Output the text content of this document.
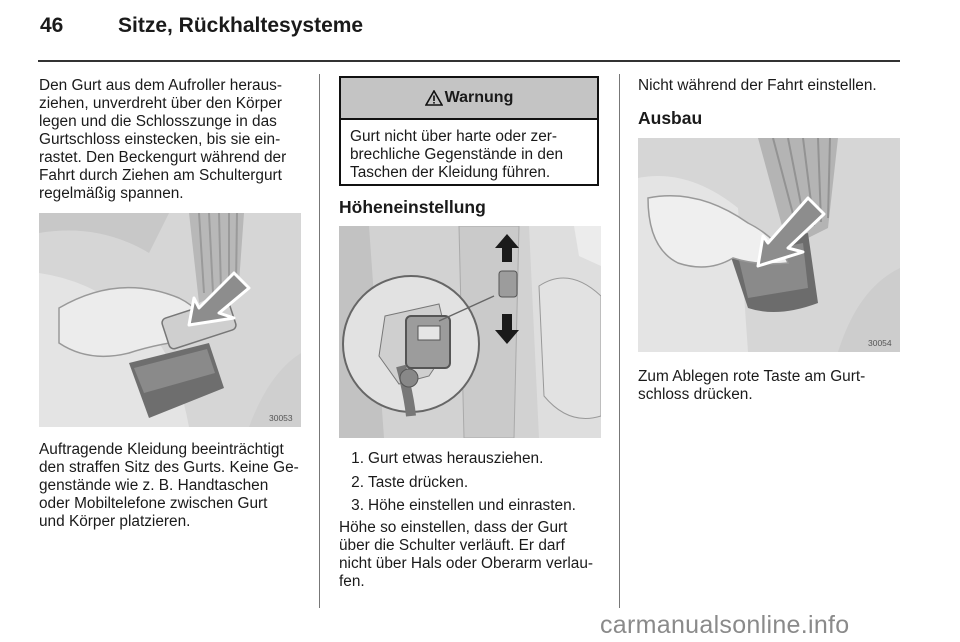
46	Sitze, Rückhaltesysteme

Den Gurt aus dem Aufroller heraus-
ziehen, unverdreht über den Körper
legen und die Schlosszunge in das
Gurtschloss einstecken, bis sie ein-
rastet. Den Beckengurt während der
Fahrt durch Ziehen am Schultergurt
regelmäßig spannen.

30053

Auftragende Kleidung beeinträchtigt
den straffen Sitz des Gurts. Keine Ge-
genstände wie z. B. Handtaschen
oder Mobiltelefone zwischen Gurt
und Körper platzieren.

Warnung
Gurt nicht über harte oder zer-
brechliche Gegenstände in den
Taschen der Kleidung führen.
Höheneinstellung
1. Gurt etwas herausziehen.
2. Taste drücken.
3. Höhe einstellen und einrasten.

Höhe so einstellen, dass der Gurt
über die Schulter verläuft. Er darf
nicht über Hals oder Oberarm verlau-
fen.

Nicht während der Fahrt einstellen.

Ausbau
30054

Zum Ablegen rote Taste am Gurt-
schloss drücken.

carmanualsonline.info
